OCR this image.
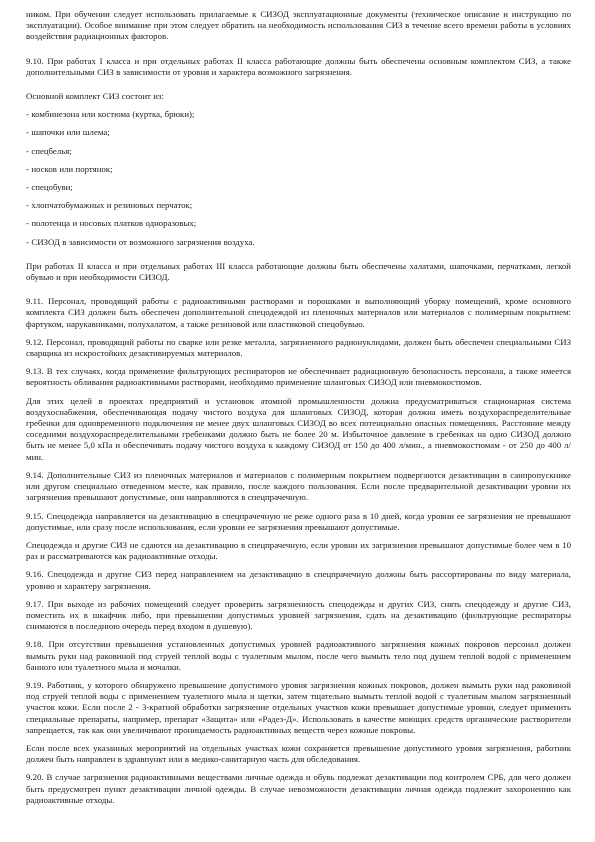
ником. При обучении следует использовать прилагаемые к СИЗОД эксплуатационные документы (техническое описание и инструкцию по эксплуатации). Особое внимание при этом следует обратить на необходимость использования СИЗ в течение всего времени работы в условиях воздействия радиационных факторов.

9.10. При работах I класса и при отдельных работах II класса работающие должны быть обеспечены основным комплектом СИЗ, а также дополнительными СИЗ в зависимости от уровня и характера возможного загрязнения.

Основной комплект СИЗ состоит из:

- комбинезона или костюма (куртка, брюки);

- шапочки или шлема;

- спецбелья;

- носков или портянок;

- спецобуви;

- хлопчатобумажных и резиновых перчаток;

- полотенца и носовых платков одноразовых;

- СИЗОД в зависимости от возможного загрязнения воздуха.

При работах II класса и при отдельных работах III класса работающие должны быть обеспечены халатами, шапочками, перчатками, легкой обувью и при необходимости СИЗОД.

9.11. Персонал, проводящий работы с радиоактивными растворами и порошками и выполняющий уборку помещений, кроме основного комплекта СИЗ должен быть обеспечен дополнительной спецодеждой из пленочных материалов или материалов с полимерным покрытием: фартуком, нарукавниками, полухалатом, а также резиновой или пластиковой спецобувью.

9.12. Персонал, проводящий работы по сварке или резке металла, загрязненного радионуклидами, должен быть обеспечен специальными СИЗ сварщика из искростойких дезактивируемых материалов.

9.13. В тех случаях, когда применение фильтрующих респираторов не обеспечивает радиационную безопасность персонала, а также имеется вероятность обливания радиоактивными растворами, необходимо применение шланговых СИЗОД или пневмокостюмов.

Для этих целей в проектах предприятий и установок атомной промышленности должна предусматриваться стационарная система воздухоснабжения, обеспечивающая подачу чистого воздуха для шланговых СИЗОД, которая должна иметь воздухораспределительные гребенки для одновременного подключения не менее двух шланговых СИЗОД во всех потенциально опасных помещениях. Расстояние между соседними воздухораспределительными гребенками должно быть не более 20 м. Избыточное давление в гребенках на одно СИЗОД должно быть не менее 5,0 кПа и обеспечивать подачу чистого воздуха к каждому СИЗОД от 150 до 400 л/мин., а пневмокостюмам - от 250 до 400 л/мин.

9.14. Дополнительные СИЗ из пленочных материалов и материалов с полимерным покрытием подвергаются дезактивации в санпропускнике или другом специально отведенном месте, как правило, после каждого пользования. Если после предварительной дезактивации уровни их загрязнения превышают допустимые, они направляются в спецпрачечную.

9.15. Спецодежда направляется на дезактивацию в спецпрачечную не реже одного раза в 10 дней, когда уровни ее загрязнения не превышают допустимые, или сразу после использования, если уровни ее загрязнения превышают допустимые.

Спецодежда и другие СИЗ не сдаются на дезактивацию в спецпрачечную, если уровни их загрязнения превышают допустимые более чем в 10 раз и рассматриваются как радиоактивные отходы.

9.16. Спецодежда и другие СИЗ перед направлением на дезактивацию в спецпрачечную должны быть рассортированы по виду материала, уровню и характеру загрязнения.

9.17. При выходе из рабочих помещений следует проверить загрязненность спецодежды и других СИЗ, снять спецодежду и другие СИЗ, поместить их в шкафчик либо, при превышении допустимых уровней загрязнения, сдать на дезактивацию (фильтрующие респираторы снимаются в последнюю очередь перед входом в душевую).

9.18. При отсутствии превышения установленных допустимых уровней радиоактивного загрязнения кожных покровов персонал должен вымыть руки над раковиной под струей теплой воды с туалетным мылом, после чего вымыть тело под душем теплой водой с применением банного или туалетного мыла и мочалки.

9.19. Работник, у которого обнаружено превышение допустимого уровня загрязнения кожных покровов, должен вымыть руки над раковиной под струей теплой воды с применением туалетного мыла и щетки, затем тщательно вымыть теплой водой с туалетным мылом загрязненный участок кожи. Если после 2 - 3-кратной обработки загрязнение отдельных участков кожи превышает допустимые уровни, следует применить специальные препараты, например, препарат «Защита» или «Радез-Д». Использовать в качестве моющих средств органические растворители запрещается, так как они увеличивают проницаемость радиоактивных веществ через кожные покровы.

Если после всех указанных мероприятий на отдельных участках кожи сохраняется превышение допустимого уровня загрязнения, работник должен быть направлен в здравпункт или в медико-санитарную часть для обследования.

9.20. В случае загрязнения радиоактивными веществами личные одежда и обувь подлежат дезактивации под контролем СРБ, для чего должен быть предусмотрен пункт дезактивации личной одежды. В случае невозможности дезактивации личная одежда подлежит захоронению как радиоактивные отходы.
